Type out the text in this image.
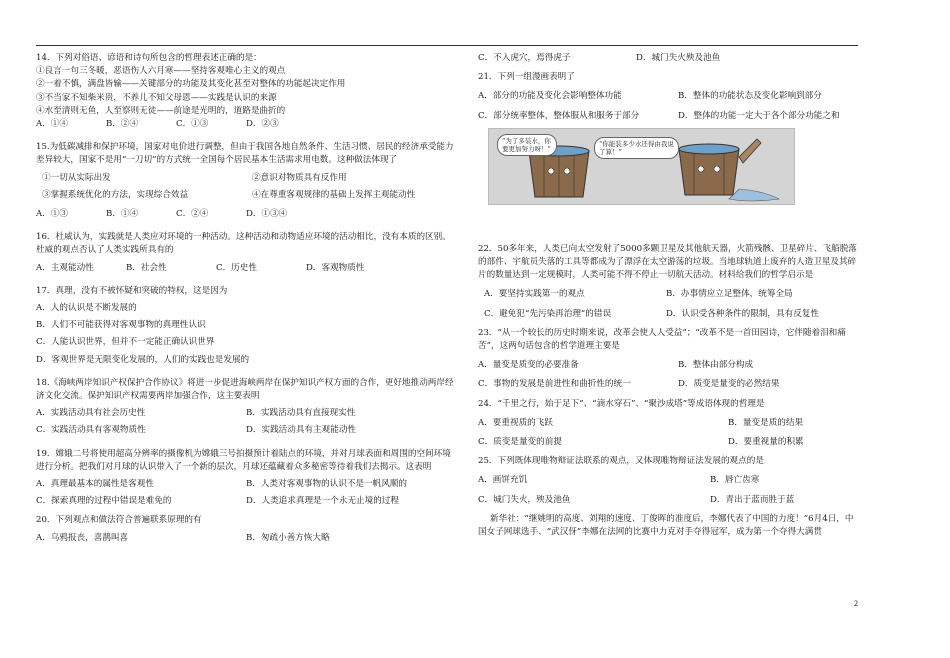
14．下列对俗语、谚语和诗句所包含的哲理表述正确的是：

①良言一句三冬暖，恶语伤人六月寒——坚持客观唯心主义的观点

②一着不慎，满盘皆输——关键部分的功能及其变化甚至对整体的功能起决定作用

③不当家不知柴米贵，不养儿不知父母恩——实践是认识的来源

④水至清则无鱼，人至察则无徒——前途是光明的，道路是曲折的

A．①④	B．②④	C．①③	D．②③

15.为低碳减排和保护环境，国家对电价进行调整，但由于我国各地自然条件、生活习惯、居民的经济承受能力差异较大，国家不是用“一刀切”的方式统一全国每个居民基本生活需求用电数。这种做法体现了

①一切从实际出发	②意识对物质具有反作用
③掌握系统优化的方法，实现综合效益	④在尊重客观规律的基础上发挥主观能动性
A．①③	B．①④	C．②④	D．①③④

16．杜威认为，实践就是人类应对环境的一种活动。这种活动和动物适应环境的活动相比，没有本质的区别。杜威的观点否认了人类实践所具有的

A．主观能动性	B．社会性	C．历史性	D．客观物质性

17．真理，没有不被怀疑和突破的特权，这是因为

A．人的认识是不断发展的

B．人们不可能获得对客观事物的真理性认识

C．人能认识世界，但并不一定能正确认识世界

D．客观世界是无限变化发展的，人们的实践也是发展的

18.《海峡两岸知识产权保护合作协议》将进一步促进海峡两岸在保护知识产权方面的合作，更好地推动两岸经济文化交流。保护知识产权需要两岸加强合作，这主要表明

A．实践活动具有社会历史性	B．实践活动具有直接现实性
C．实践活动具有客观物质性	D．实践活动具有主观能动性

19．嫦娥二号将使用超高分辨率的摄像机为嫦娥三号拍摄预计着陆点的环境，并对月球表面和周围的空间环境进行分析。把我们对月球的认识带入了一个新的层次，月球还蕴藏着众多秘密等待着我们去揭示。这表明

A．真理最基本的属性是客观性	B．人类对客观事物的认识不是一帆风顺的
C．探索真理的过程中错误是难免的	D．人类追求真理是一个永无止境的过程

20．下列观点和做法符合普遍联系原理的有

A．乌鸦报丧，喜鹊叫喜	B．匆疏小善方恢大略
C．不入虎穴，焉得虎子	D．城门失火殃及池鱼

21．下列一组漫画表明了

A．部分的功能及变化会影响整体功能	B．整体的功能状态及变化影响到部分
C．部分统率整体，整体服从和服务于部分	D．整体的功能一定大于各个部分功能之和
“为了多装水，你要更加努力呀！”
“你能装多少水还得由我说了算！”

22．50多年来，人类已向太空发射了5000多颗卫星及其他航天器，火箭残骸、卫星碎片、飞船脱落的部件、宇航员失落的工具等都成为了漂浮在太空游荡的垃圾。当地球轨道上废弃的人造卫星及其碎片的数量达到一定规模时，人类可能不得不停止一切航天活动。材料给我们的哲学启示是

A．要坚持实践第一的观点	B．办事情应立足整体，统筹全局
C．避免犯“先污染再治理”的错误	D．认识受各种条件的限制，具有反复性

23．“从一个较长的历史时期来说，改革会使人人受益”；“改革不是一首田园诗，它伴随着泪和痛苦”，这两句话包含的哲学道理主要是

A．量变是质变的必要准备	B．整体由部分构成
C．事物的发展是前进性和曲折性的统一	D．质变是量变的必然结果

24．“千里之行，始于足下”、“滴水穿石”、“聚沙成塔”等成语体现的哲理是

A．要重视质的飞跃	B．量变是质的结果
C．质变是量变的前提	D．要重视量的积累

25．下列既体现唯物辩证法联系的观点，又体现唯物辩证法发展的观点的是

A．画饼充饥	B．唇亡齿寒
C．城门失火，殃及池鱼	D．青出于蓝而胜于蓝

新华社：“继姚明的高度、刘翔的速度、丁俊晖的准度后，李娜代表了中国的力度！”6月4日，中国女子网球选手、“武汉伢”李娜在法网的比赛中力克对手夺得冠军，成为第一个夺得大满贯

2
